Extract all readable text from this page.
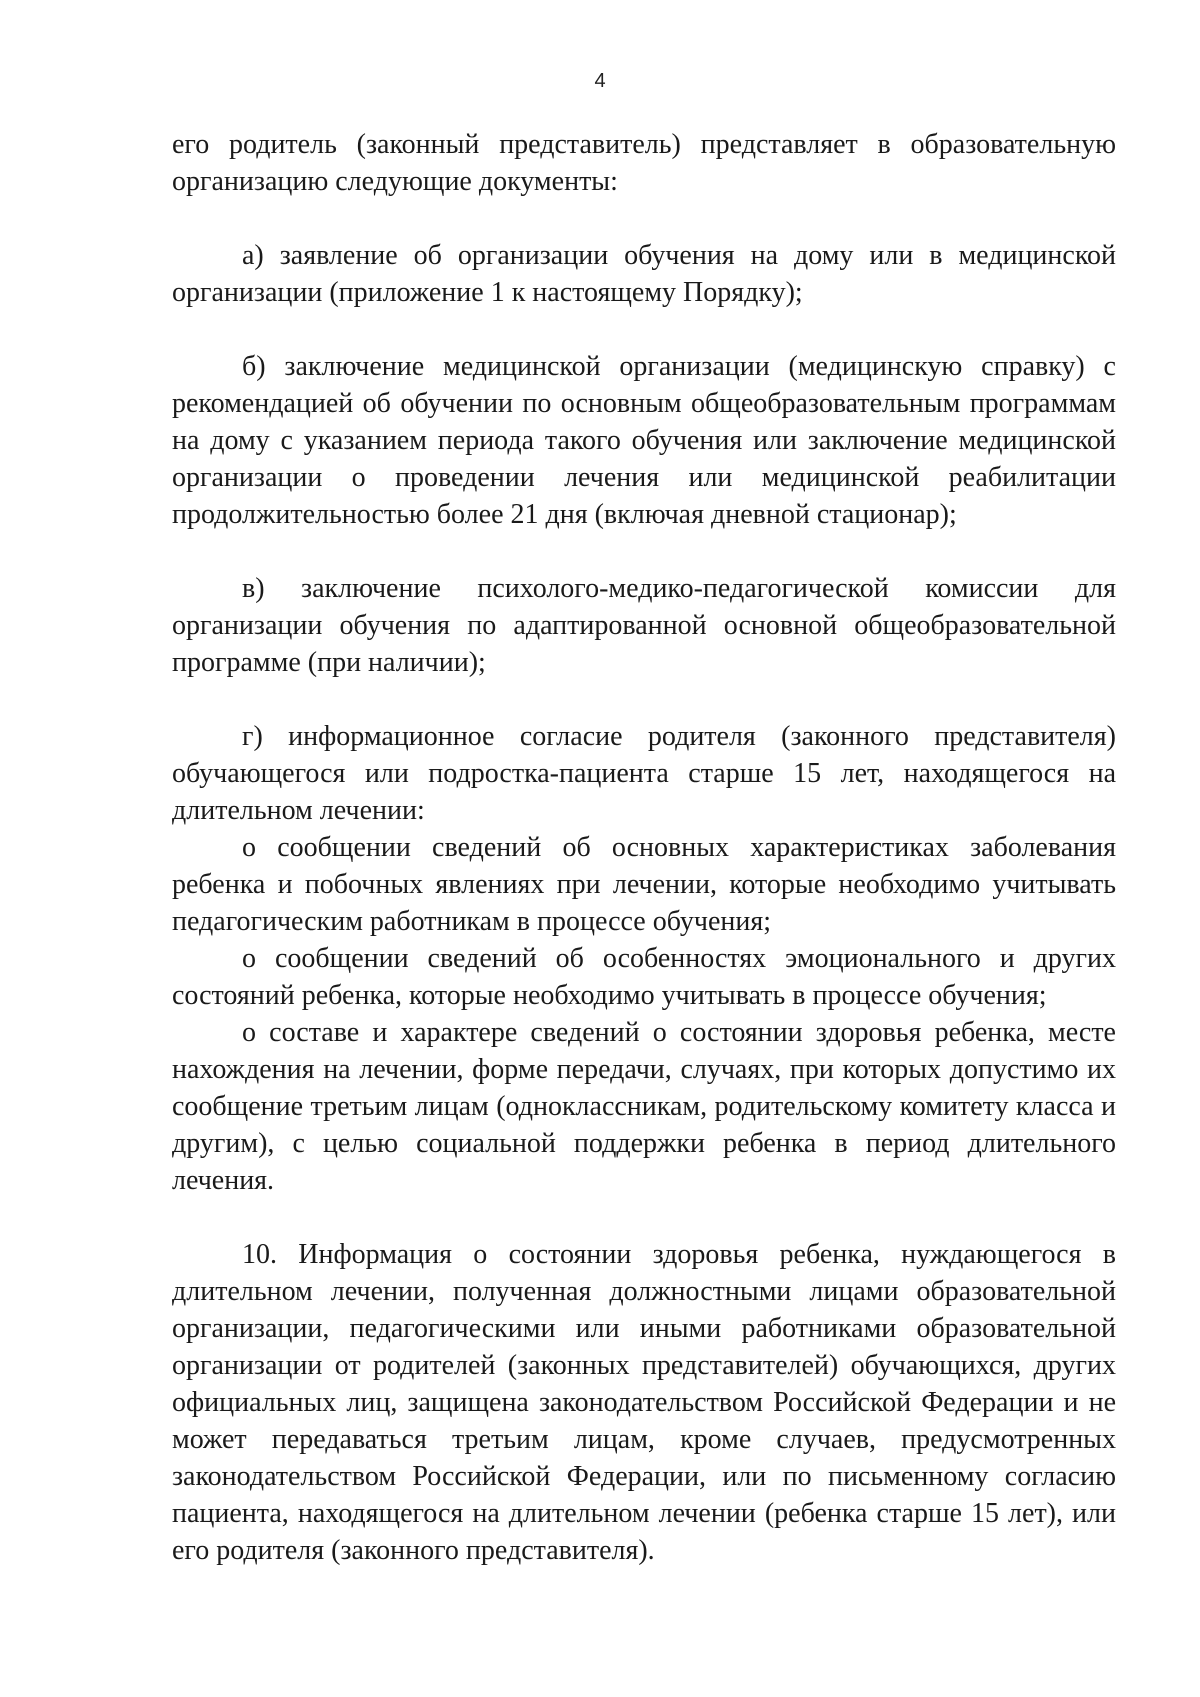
4

его родитель (законный представитель) представляет в образовательную организацию следующие документы:

а) заявление об организации обучения на дому или в медицинской организации (приложение 1 к настоящему Порядку);

б) заключение медицинской организации (медицинскую справку) с рекомендацией об обучении по основным общеобразовательным программам на дому с указанием периода такого обучения или заключение медицинской организации о проведении лечения или медицинской реабилитации продолжительностью более 21 дня (включая дневной стационар);

в) заключение психолого-медико-педагогической комиссии для организации обучения по адаптированной основной общеобразовательной программе (при наличии);

г) информационное согласие родителя (законного представителя) обучающегося или подростка-пациента старше 15 лет, находящегося на длительном лечении:

о сообщении сведений об основных характеристиках заболевания ребенка и побочных явлениях при лечении, которые необходимо учитывать педагогическим работникам в процессе обучения;

о сообщении сведений об особенностях эмоционального и других состояний ребенка, которые необходимо учитывать в процессе обучения;

о составе и характере сведений о состоянии здоровья ребенка, месте нахождения на лечении, форме передачи, случаях, при которых допустимо их сообщение третьим лицам (одноклассникам, родительскому комитету класса и другим), с целью социальной поддержки ребенка в период длительного лечения.

10. Информация о состоянии здоровья ребенка, нуждающегося в длительном лечении, полученная должностными лицами образовательной организации, педагогическими или иными работниками образовательной организации от родителей (законных представителей) обучающихся, других официальных лиц, защищена законодательством Российской Федерации и не может передаваться третьим лицам, кроме случаев, предусмотренных законодательством Российской Федерации, или по письменному согласию пациента, находящегося на длительном лечении (ребенка старше 15 лет), или его родителя (законного представителя).
